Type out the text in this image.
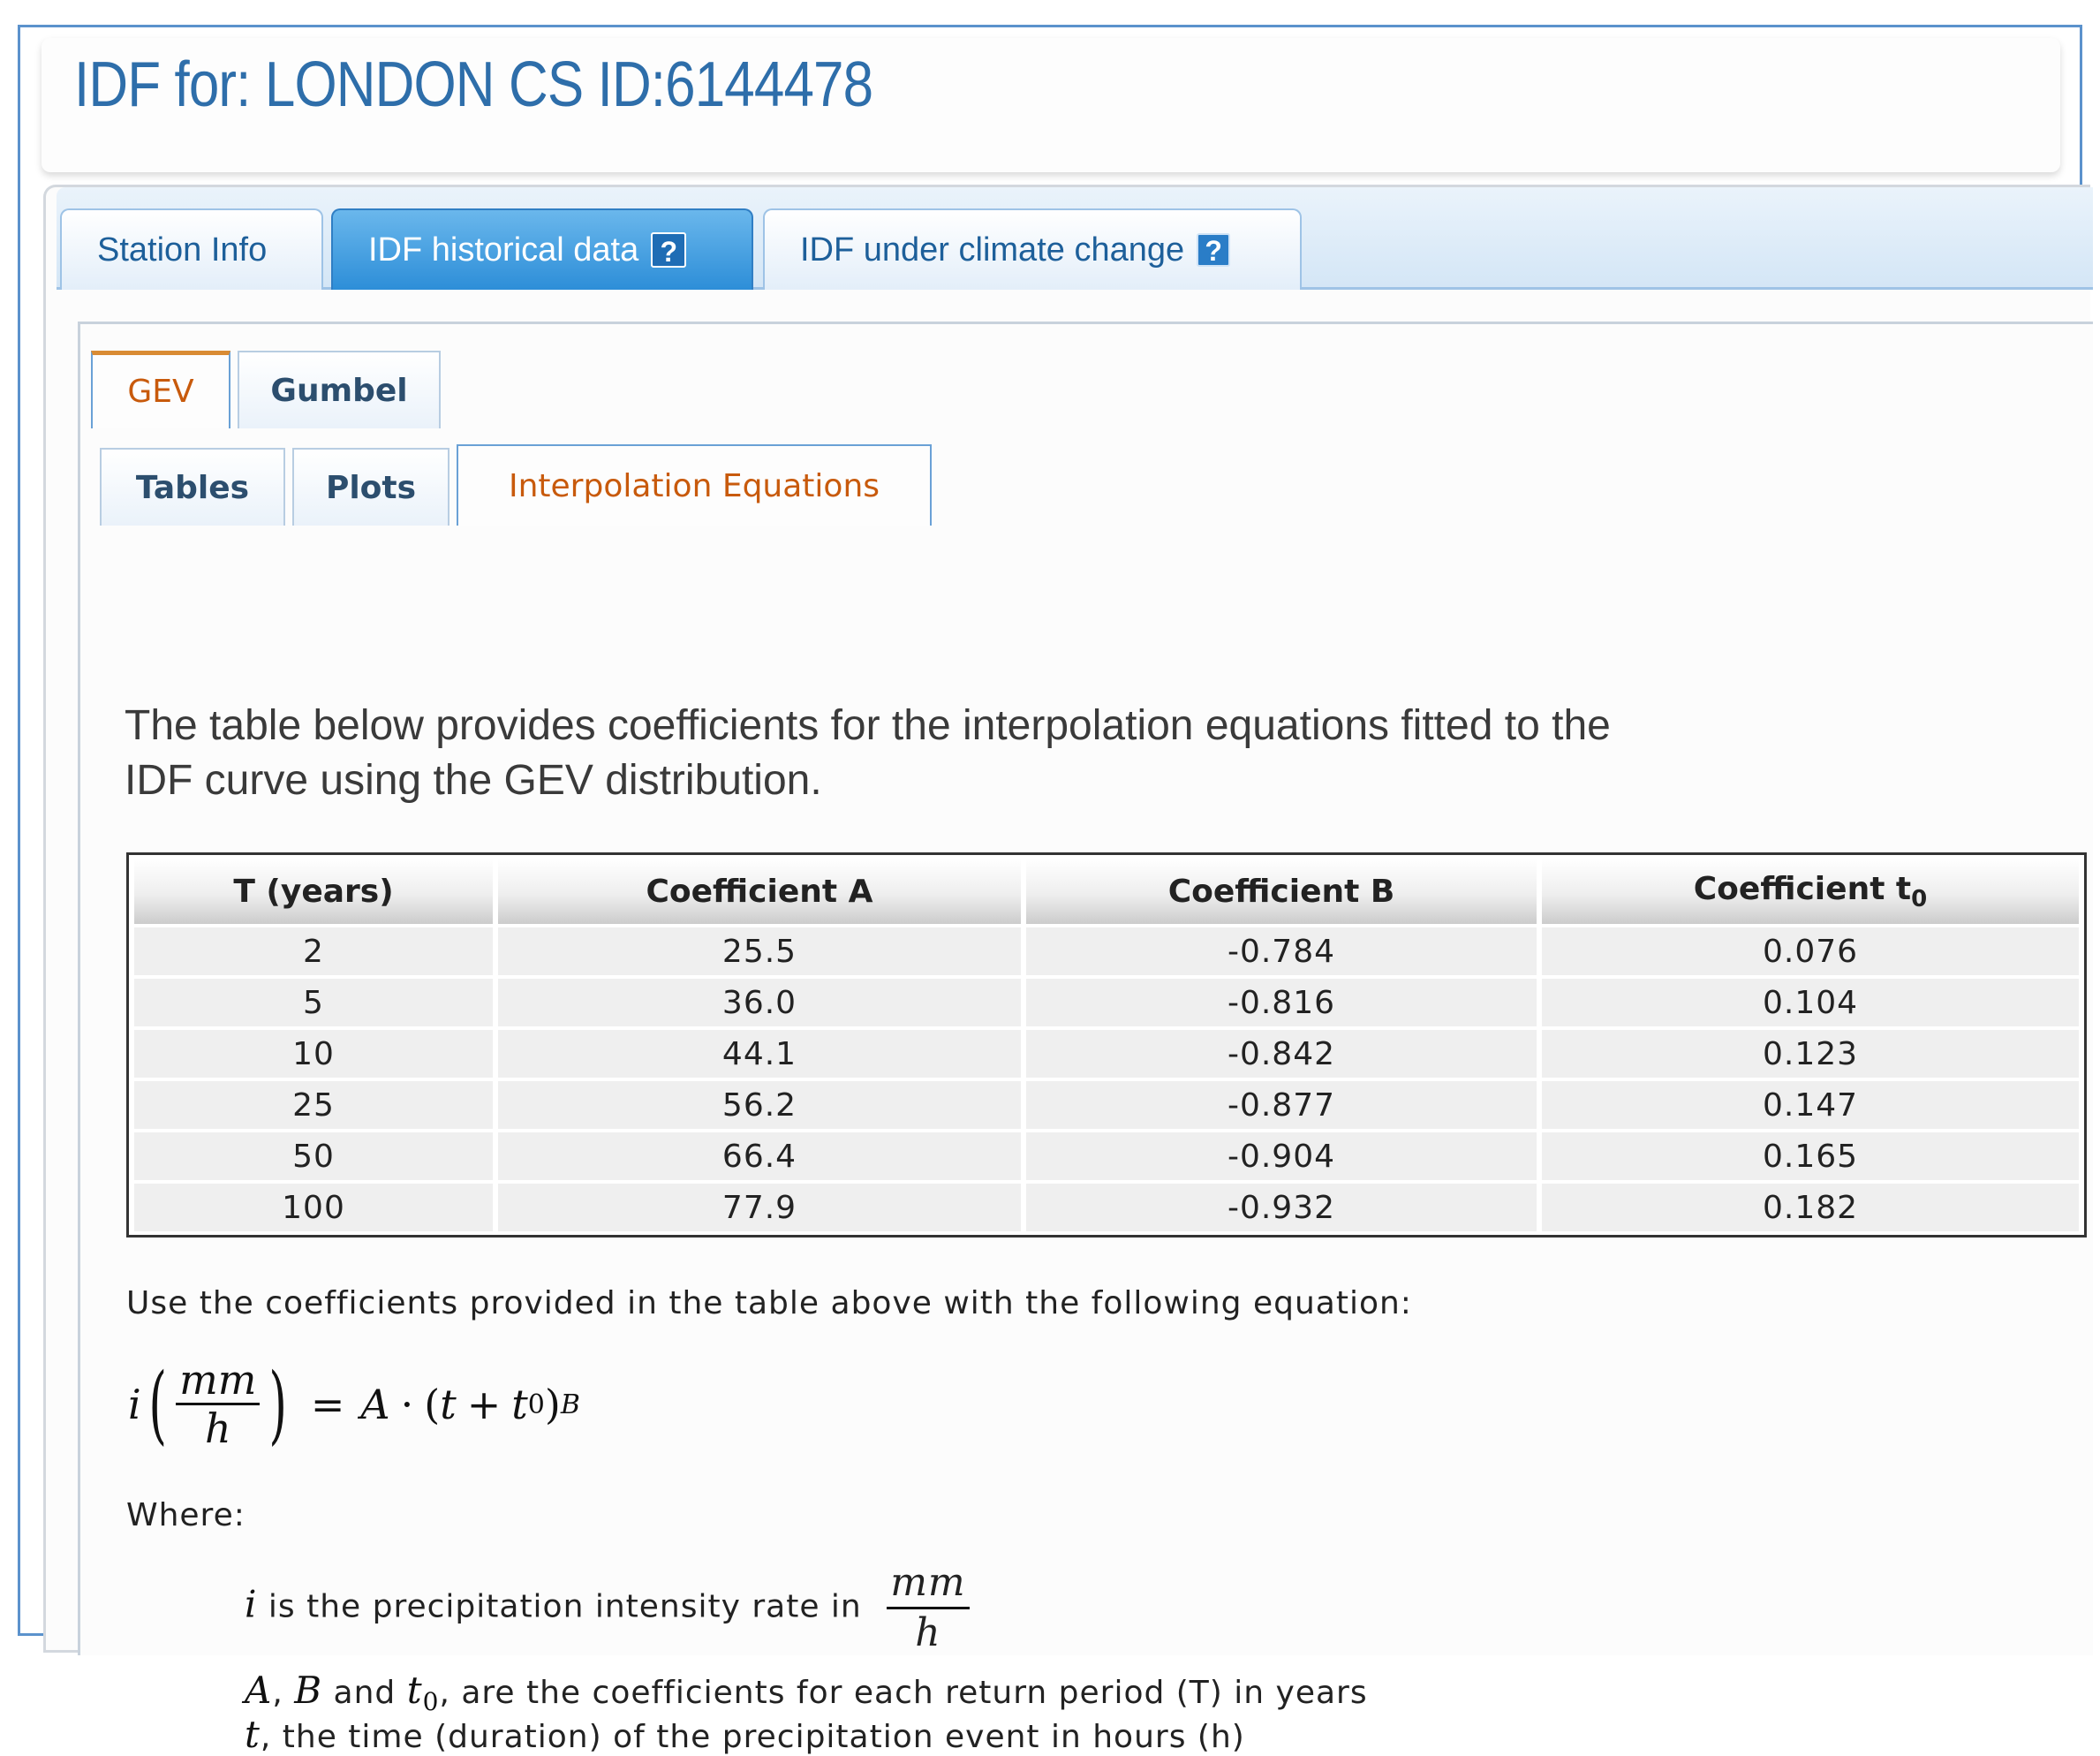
IDF for: LONDON CS ID:6144478
Station Info	IDF historical data ?	IDF under climate change ?
GEV Gumbel
Tables Plots	Interpolation Equations

The table below provides coefficients for the interpolation equations fitted to the IDF curve using the GEV distribution.

T (years)	Coefficient A	Coefficient B	Coefficient $t_0$
2	25.5	-0.784	0.076
5	36.0	-0.816	0.104
10	44.1	-0.842	0.123
25	56.2	-0.877	0.147
50	66.4	-0.904	0.165
100	77.9	-0.932	0.182

Use the coefficients provided in the table above with the following equation:

i ( $\frac{mm}{h}$ ) = A · ( t + t 0 ) B

Where:

i is the precipitation intensity rate in $\frac{mm}{h}$
A, B and t0, are the coefficients for each return period (T) in years
t, the time (duration) of the precipitation event in hours (h)
